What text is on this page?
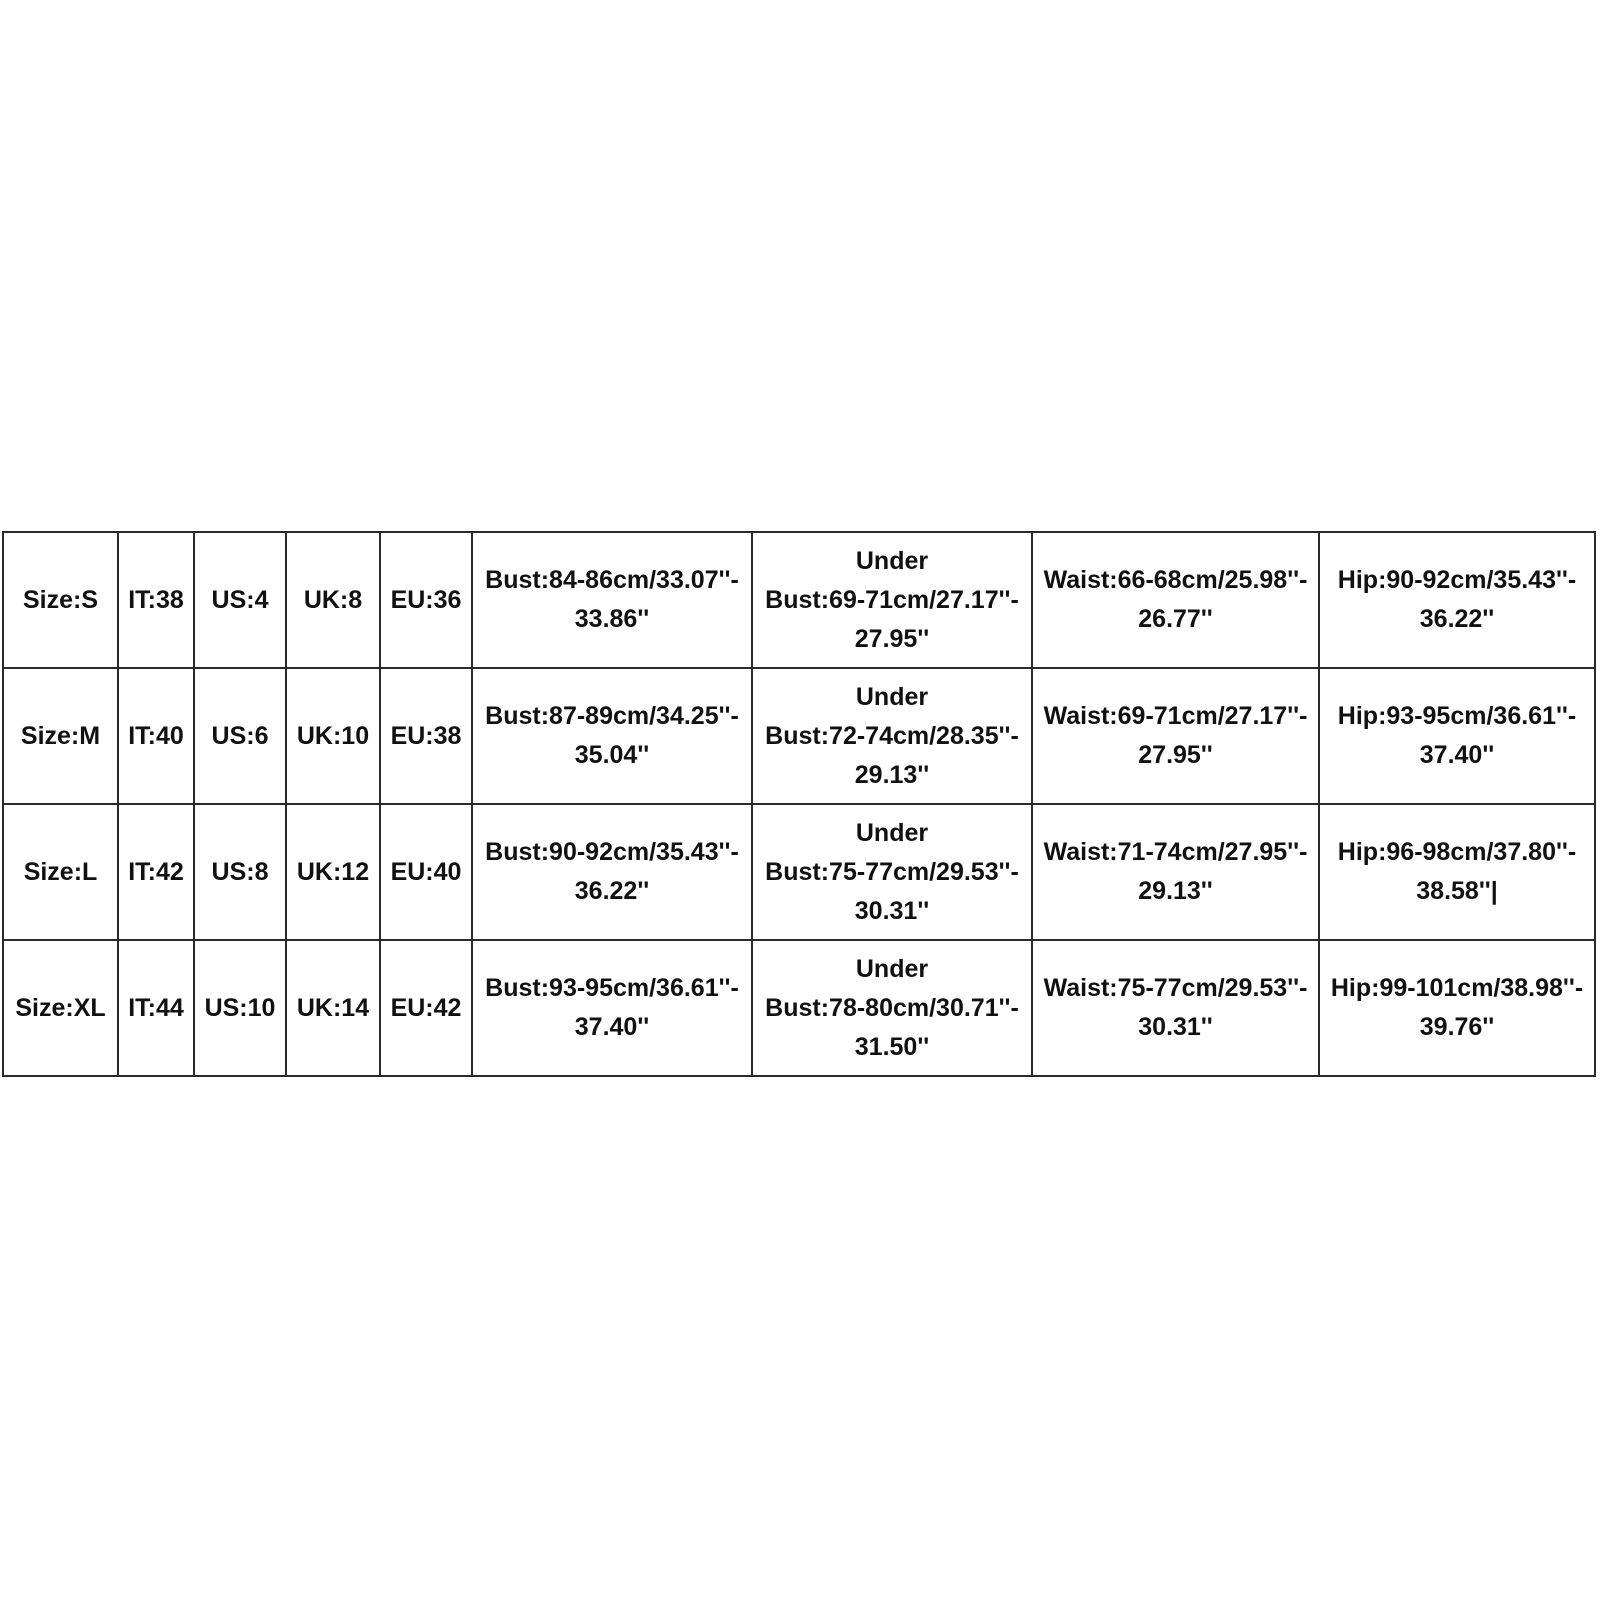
Size:S	IT:38	US:4	UK:8	EU:36	Bust:84-86cm/33.07''-
33.86''	Under
Bust:69-71cm/27.17''-
27.95''	Waist:66-68cm/25.98''-
26.77''	Hip:90-92cm/35.43''-
36.22''

Size:M	IT:40	US:6	UK:10	EU:38	Bust:87-89cm/34.25''-
35.04''	Under
Bust:72-74cm/28.35''-
29.13''	Waist:69-71cm/27.17''-
27.95''	Hip:93-95cm/36.61''-
37.40''

Size:L	IT:42	US:8	UK:12	EU:40	Bust:90-92cm/35.43''-
36.22''	Under
Bust:75-77cm/29.53''-
30.31''	Waist:71-74cm/27.95''-
29.13''	Hip:96-98cm/37.80''-
38.58''|

Size:XL	IT:44	US:10	UK:14	EU:42	Bust:93-95cm/36.61''-
37.40''	Under
Bust:78-80cm/30.71''-
31.50''	Waist:75-77cm/29.53''-
30.31''	Hip:99-101cm/38.98''-
39.76''
